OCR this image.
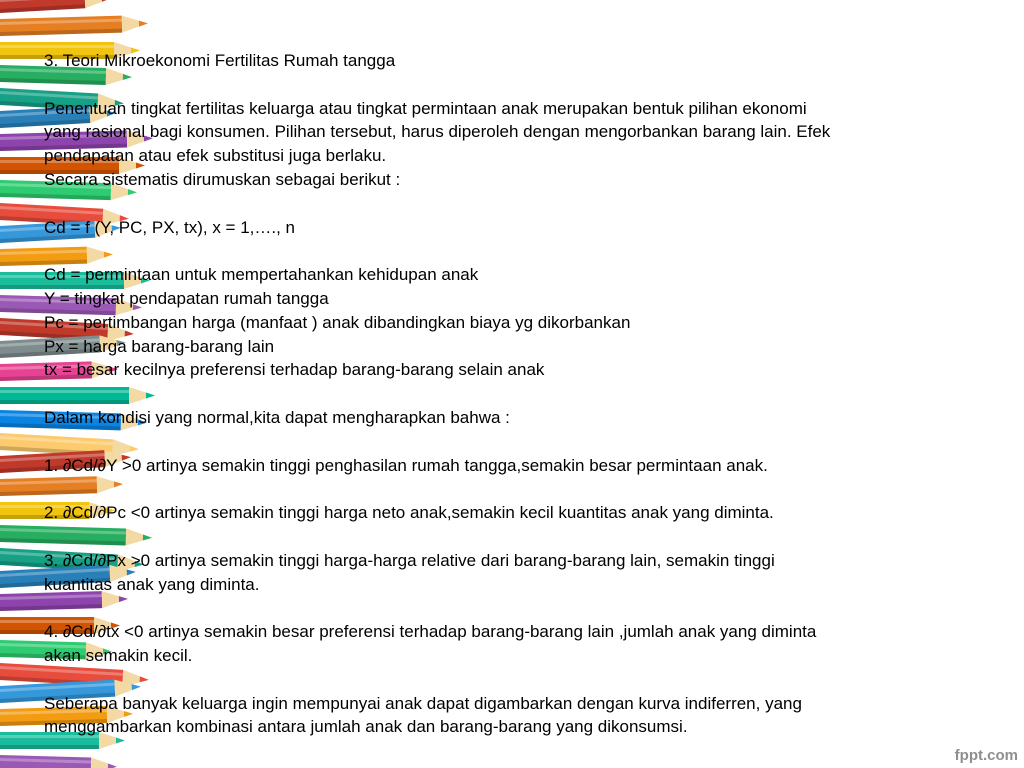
3. Teori Mikroekonomi Fertilitas Rumah tangga
Penentuan tingkat fertilitas keluarga atau tingkat permintaan anak merupakan bentuk pilihan ekonomi
yang rasional bagi konsumen. Pilihan tersebut, harus diperoleh dengan mengorbankan barang lain. Efek
pendapatan atau efek substitusi juga berlaku.
Secara sistematis dirumuskan sebagai berikut :
Cd = f (Y, PC, PX, tx), x = 1,…., n
Cd = permintaan untuk mempertahankan kehidupan anak
Y = tingkat pendapatan rumah tangga
Pc = pertimbangan harga (manfaat ) anak dibandingkan biaya yg dikorbankan
Px = harga barang-barang lain
tx = besar kecilnya preferensi terhadap barang-barang selain anak
Dalam kondisi yang normal,kita dapat mengharapkan bahwa :
1. ∂Cd/∂Y >0 artinya semakin tinggi penghasilan rumah tangga,semakin besar permintaan anak.
2. ∂Cd/∂Pc <0 artinya semakin tinggi harga neto anak,semakin kecil kuantitas anak yang diminta.
3. ∂Cd/∂Px >0 artinya semakin tinggi harga-harga relative dari barang-barang lain, semakin tinggi
kuantitas anak yang diminta.
4. ∂Cd/∂tx <0 artinya semakin besar preferensi terhadap barang-barang lain ,jumlah anak yang diminta
akan semakin kecil.
Seberapa banyak keluarga ingin mempunyai anak dapat digambarkan dengan kurva indiferren, yang
menggambarkan kombinasi antara jumlah anak dan barang-barang yang dikonsumsi.
fppt.com
